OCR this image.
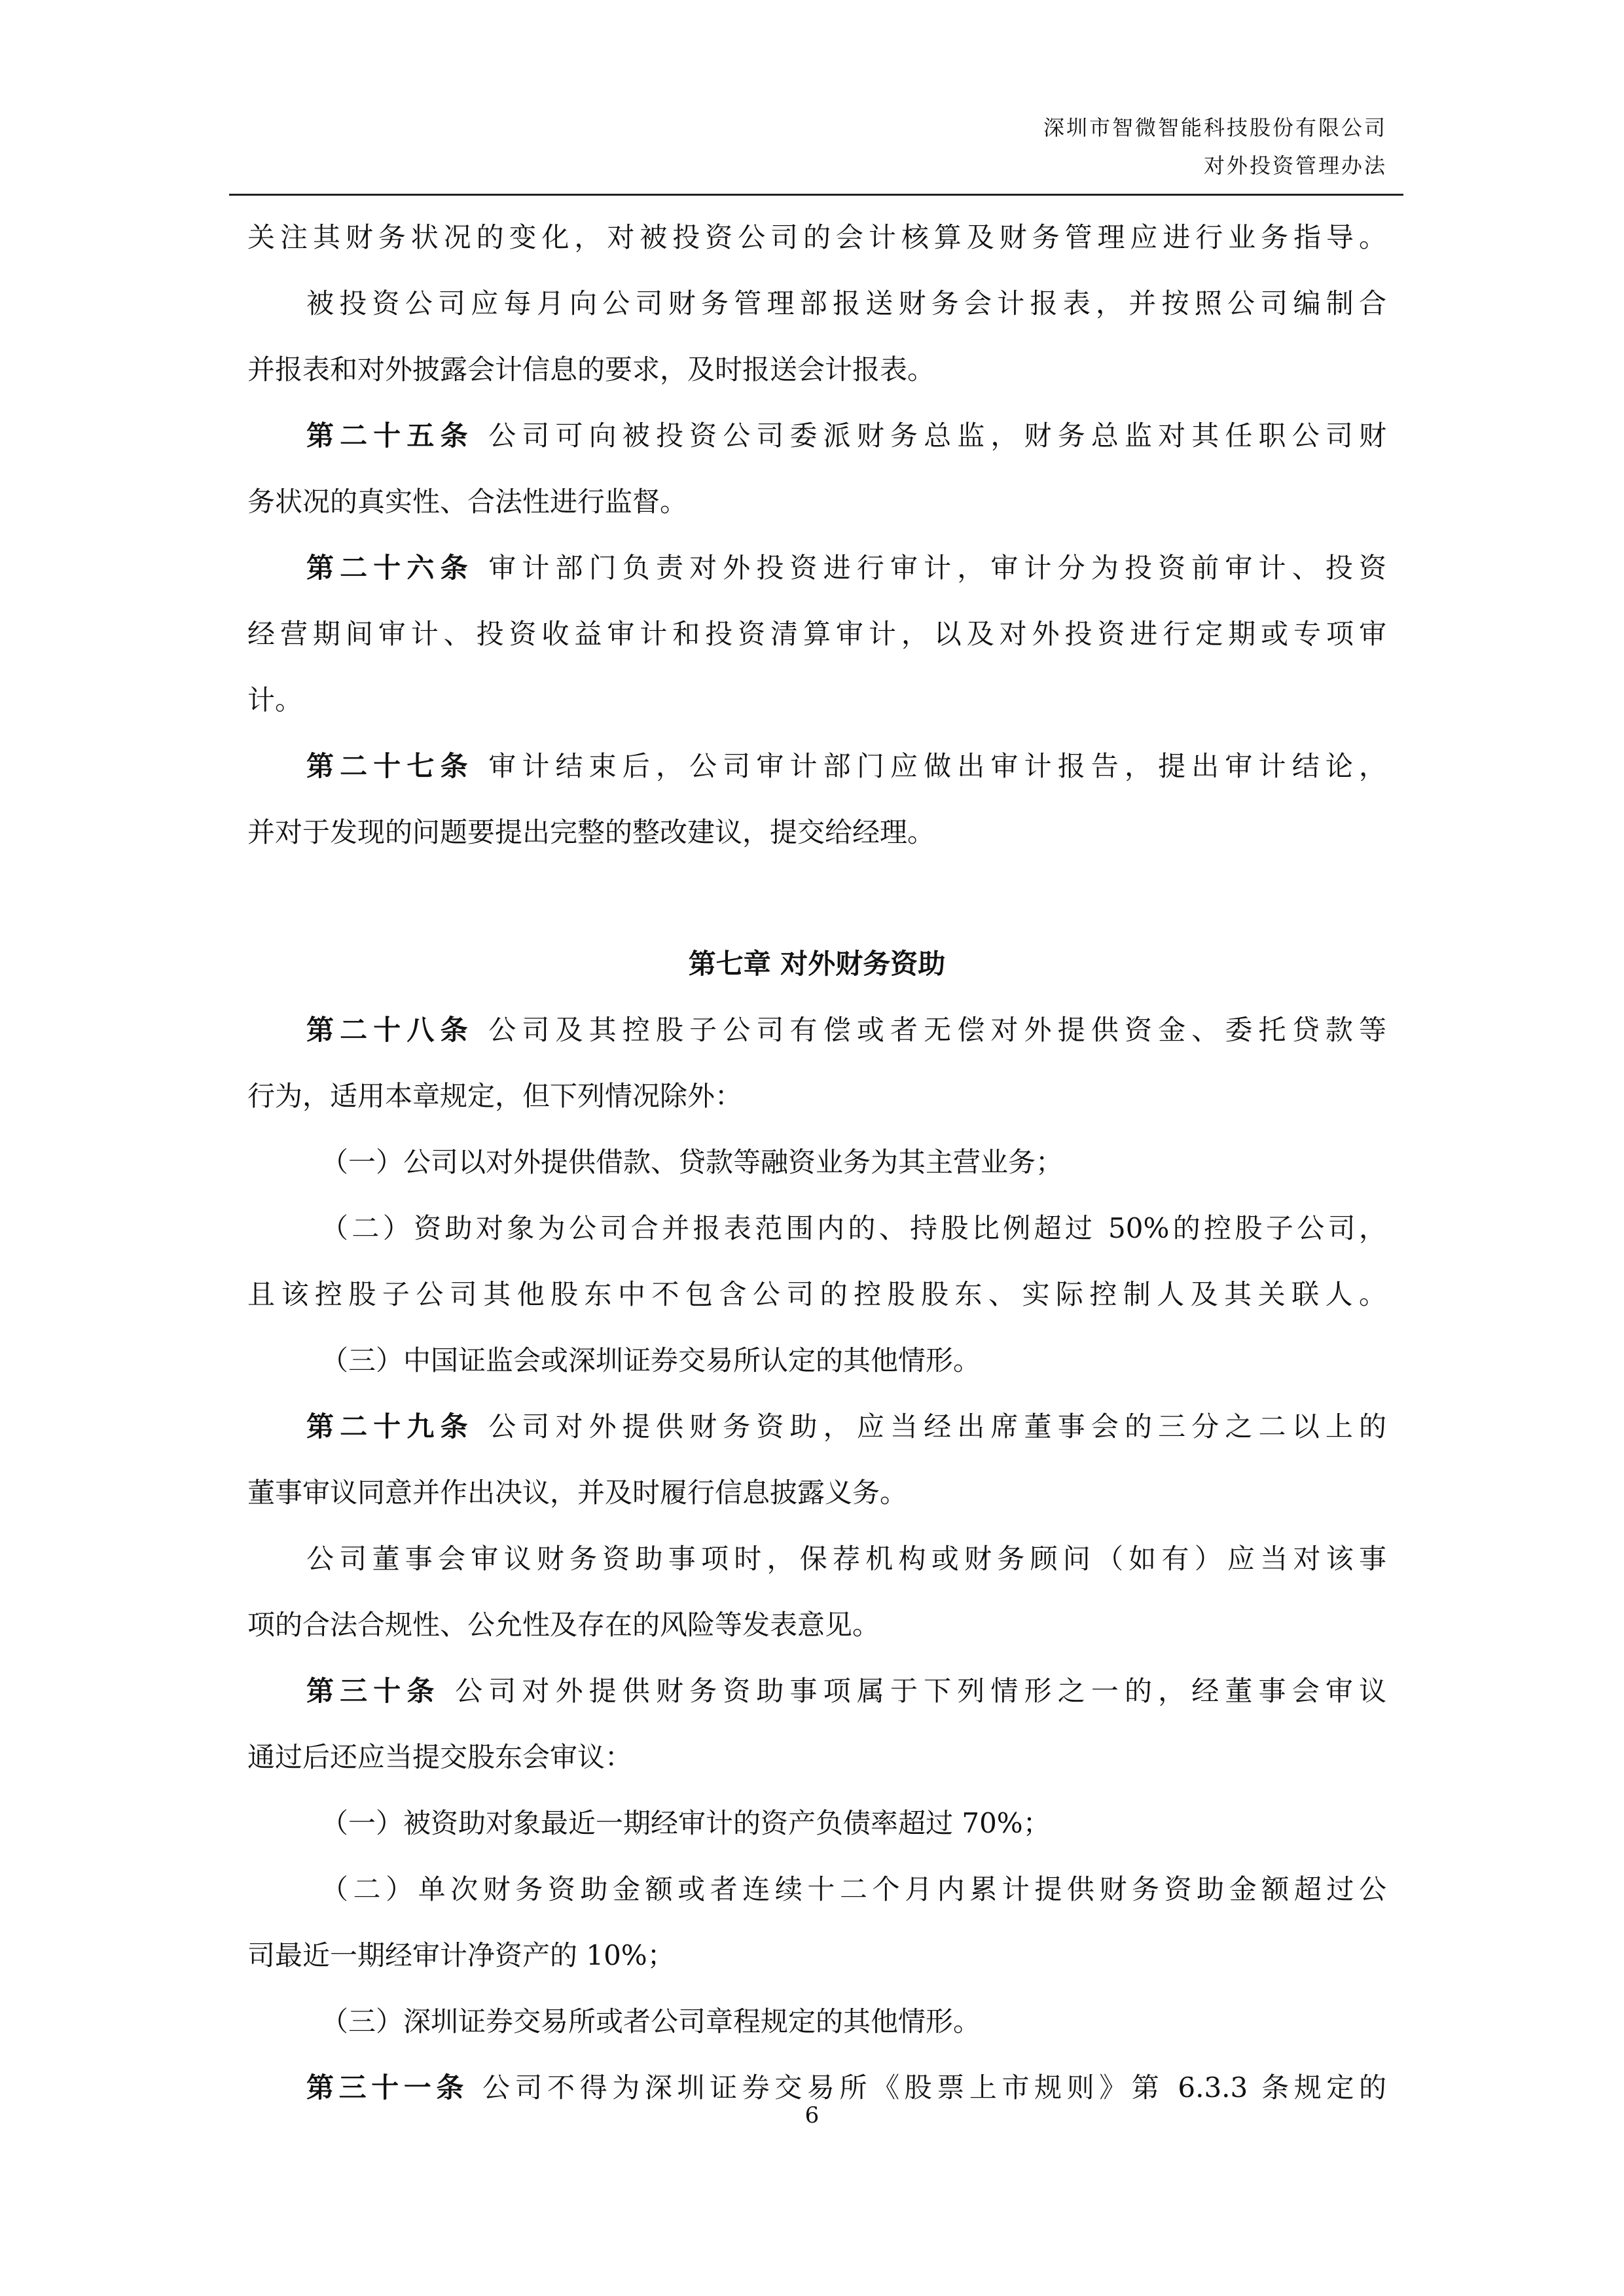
深圳市智微智能科技股份有限公司
对外投资管理办法
关注其财务状况的变化，对被投资公司的会计核算及财务管理应进行业务指导。
被投资公司应每月向公司财务管理部报送财务会计报表，并按照公司编制合
并报表和对外披露会计信息的要求，及时报送会计报表。
第二十五条 公司可向被投资公司委派财务总监，财务总监对其任职公司财
务状况的真实性、合法性进行监督。
第二十六条 审计部门负责对外投资进行审计，审计分为投资前审计、投资
经营期间审计、投资收益审计和投资清算审计，以及对外投资进行定期或专项审
计。
第二十七条 审计结束后，公司审计部门应做出审计报告，提出审计结论，
并对于发现的问题要提出完整的整改建议，提交给经理。
第七章 对外财务资助
第二十八条 公司及其控股子公司有偿或者无偿对外提供资金、委托贷款等
行为，适用本章规定，但下列情况除外：
（一）公司以对外提供借款、贷款等融资业务为其主营业务；
（二）资助对象为公司合并报表范围内的、持股比例超过 50%的控股子公司，
且该控股子公司其他股东中不包含公司的控股股东、实际控制人及其关联人。
（三）中国证监会或深圳证券交易所认定的其他情形。
第二十九条 公司对外提供财务资助，应当经出席董事会的三分之二以上的
董事审议同意并作出决议，并及时履行信息披露义务。
公司董事会审议财务资助事项时，保荐机构或财务顾问（如有）应当对该事
项的合法合规性、公允性及存在的风险等发表意见。
第三十条 公司对外提供财务资助事项属于下列情形之一的，经董事会审议
通过后还应当提交股东会审议：
（一）被资助对象最近一期经审计的资产负债率超过 70%；
（二）单次财务资助金额或者连续十二个月内累计提供财务资助金额超过公
司最近一期经审计净资产的 10%；
（三）深圳证券交易所或者公司章程规定的其他情形。
第三十一条 公司不得为深圳证券交易所《股票上市规则》第 6.3.3 条规定的
6
